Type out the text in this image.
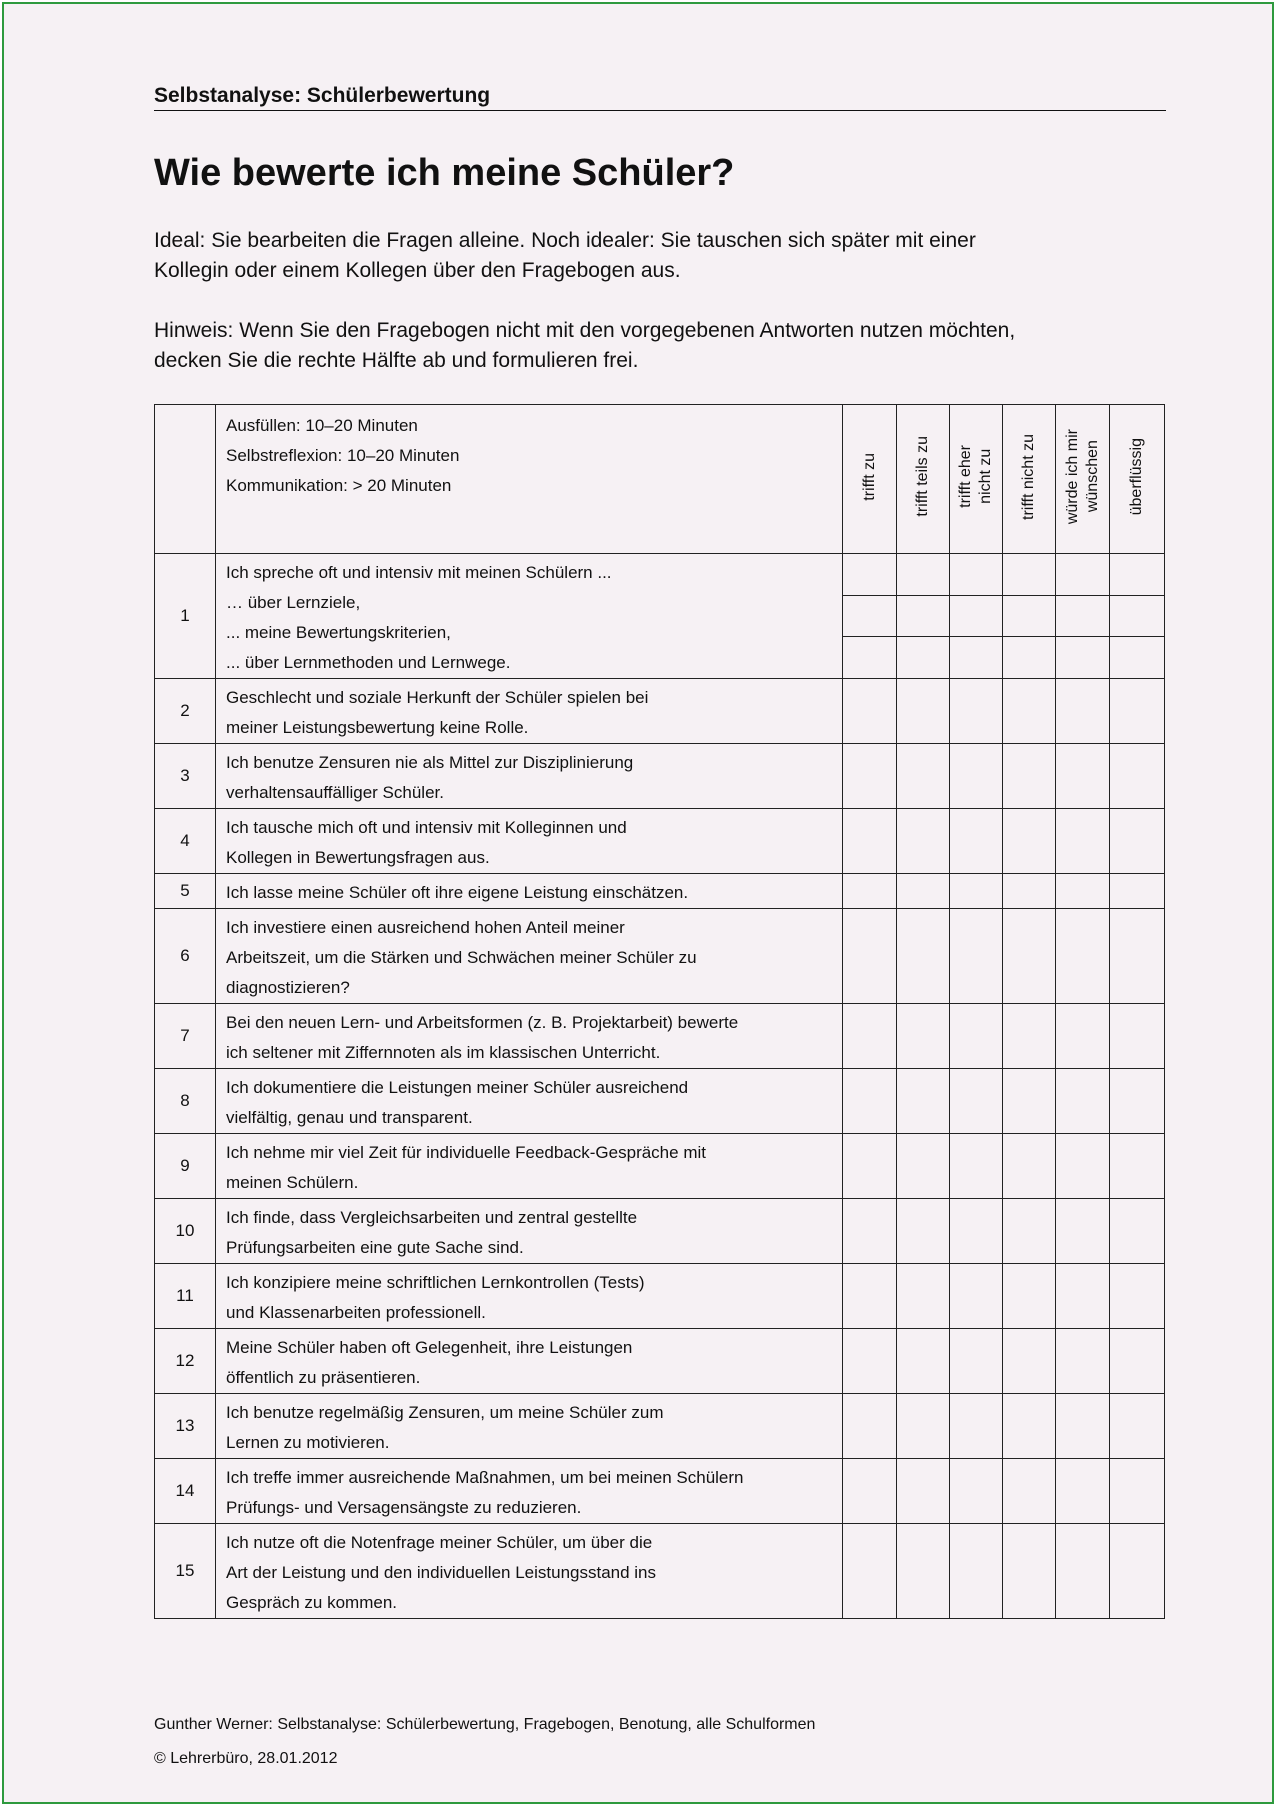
Selbstanalyse: Schülerbewertung
Wie bewerte ich meine Schüler?

Ideal: Sie bearbeiten die Fragen alleine. Noch idealer: Sie tauschen sich später mit einer
Kollegin oder einem Kollegen über den Fragebogen aus.

Hinweis: Wenn Sie den Fragebogen nicht mit den vorgegebenen Antworten nutzen möchten,
decken Sie die rechte Hälfte ab und formulieren frei.

	Ausfüllen: 10–20 Minuten
Selbstreflexion: 10–20 Minuten
Kommunikation: > 20 Minuten	trifft zu	trifft teils zu	trifft eher
nicht zu	trifft nicht zu	würde ich mir
wünschen	überflüssig
1	Ich spreche oft und intensiv mit meinen Schülern ...
… über Lernziele,
... meine Bewertungskriterien,
... über Lernmethoden und Lernwege.						

2	Geschlecht und soziale Herkunft der Schüler spielen bei
meiner Leistungsbewertung keine Rolle.						

3	Ich benutze Zensuren nie als Mittel zur Disziplinierung
verhaltensauffälliger Schüler.						

4	Ich tausche mich oft und intensiv mit Kolleginnen und
Kollegen in Bewertungsfragen aus.						

5	Ich lasse meine Schüler oft ihre eigene Leistung einschätzen.						

6	Ich investiere einen ausreichend hohen Anteil meiner
Arbeitszeit, um die Stärken und Schwächen meiner Schüler zu
diagnostizieren?						

7	Bei den neuen Lern- und Arbeitsformen (z. B. Projektarbeit) bewerte
ich seltener mit Ziffernnoten als im klassischen Unterricht.						

8	Ich dokumentiere die Leistungen meiner Schüler ausreichend
vielfältig, genau und transparent.						

9	Ich nehme mir viel Zeit für individuelle Feedback-Gespräche mit
meinen Schülern.						

10	Ich finde, dass Vergleichsarbeiten und zentral gestellte
Prüfungsarbeiten eine gute Sache sind.						

11	Ich konzipiere meine schriftlichen Lernkontrollen (Tests)
und Klassenarbeiten professionell.						

12	Meine Schüler haben oft Gelegenheit, ihre Leistungen
öffentlich zu präsentieren.						

13	Ich benutze regelmäßig Zensuren, um meine Schüler zum
Lernen zu motivieren.						

14	Ich treffe immer ausreichende Maßnahmen, um bei meinen Schülern
Prüfungs- und Versagensängste zu reduzieren.						

15	Ich nutze oft die Notenfrage meiner Schüler, um über die
Art der Leistung und den individuellen Leistungsstand ins
Gespräch zu kommen.						

Gunther Werner: Selbstanalyse: Schülerbewertung, Fragebogen, Benotung, alle Schulformen
© Lehrerbüro, 28.01.2012
